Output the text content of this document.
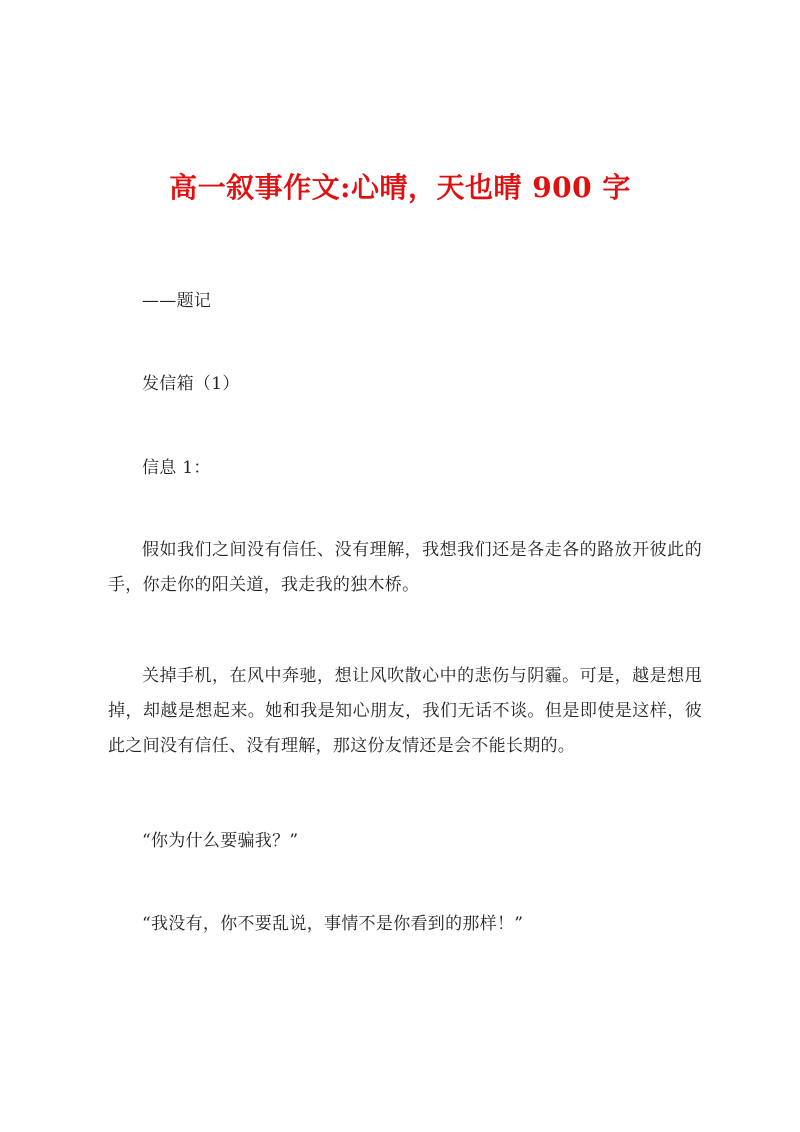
高一叙事作文:心晴，天也晴 900 字
——题记
发信箱（1）
信息 1：
假如我们之间没有信任、没有理解，我想我们还是各走各的路放开彼此的手，你走你的阳关道，我走我的独木桥。
关掉手机，在风中奔驰，想让风吹散心中的悲伤与阴霾。可是，越是想甩掉，却越是想起来。她和我是知心朋友，我们无话不谈。但是即使是这样，彼此之间没有信任、没有理解，那这份友情还是会不能长期的。
“你为什么要骗我？”
“我没有，你不要乱说，事情不是你看到的那样！”
